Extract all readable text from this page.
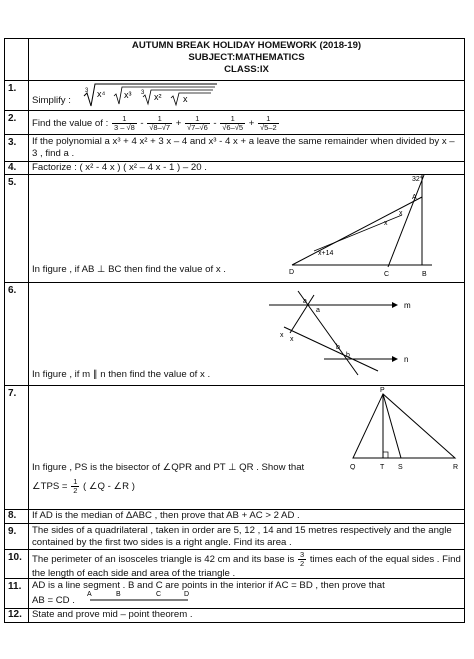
AUTUMN BREAK HOLIDAY HOMEWORK (2018-19)
SUBJECT:MATHEMATICS
CLASS:IX
1.
Simplify :
3 x⁴ x³ 3 x² x
2.	Find the value of : $\frac{1}{3 - √8} - \frac{1}{√8-√7} + \frac{1}{√7-√6} - \frac{1}{√6-√5} + \frac{1}{√5-2}$
3.	If the polynomial a x³ + 4 x² + 3 x – 4 and x³ - 4 x + a leave the same remainder when divided by x – 3 , find a .
4.	Factorize : ( x² - 4 x ) ( x² – 4 x - 1 ) – 20 .
5.	32°
A
x
x
x+14
D	C	B
In figure , if AB ⊥ BC then find the value of x .
6.
m
n
a
a
x
x
b
b
In figure , if m ∥ n then find the value of x .
7.	P
Q	T S	R
In figure , PS is the bisector of ∠QPR and PT ⊥ QR . Show that
∠TPS = $\frac{1}{2}$ ( ∠Q - ∠R )
8.	If AD is the median of ΔABC , then prove that AB + AC > 2 AD .
9.	The sides of a quadrilateral , taken in order are 5, 12 , 14 and 15 metres respectively and the angle contained by the first two sides is a right angle. Find its area .
10.	The perimeter of an isosceles triangle is 42 cm and its base is $\frac{3}{2}$ times each of the equal sides . Find the length of each side and area of the triangle .
11.	AD is a line segment . B and C are points in the interior if AC = BD , then prove that
AB = CD .
A	B	C	D
12.	State and prove mid – point theorem .
